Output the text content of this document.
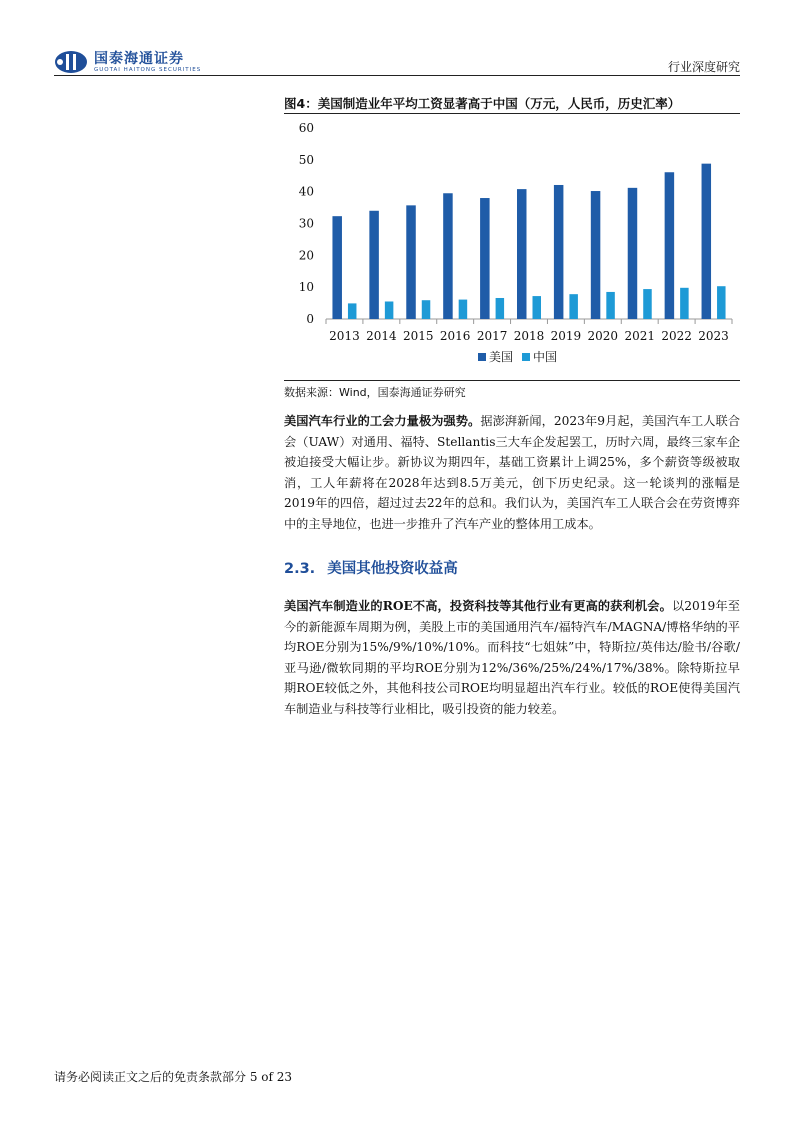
国泰海通证券
GUOTAI HAITONG SECURITIES	行业深度研究
图4：美国制造业年平均工资显著高于中国（万元，人民币，历史汇率）
0
10
20
30
40
50
60
2013 2014 2015 2016 2017 2018 2019 2020 2021 2022 2023
美国 中国
数据来源：Wind，国泰海通证券研究

美国汽车行业的工会力量极为强势。据澎湃新闻，2023年9月起，美国汽车工人联合会（UAW）对通用、福特、Stellantis三大车企发起罢工，历时六周，最终三家车企被迫接受大幅让步。新协议为期四年，基础工资累计上调25%，多个薪资等级被取消，工人年薪将在2028年达到8.5万美元，创下历史纪录。这一轮谈判的涨幅是2019年的四倍，超过过去22年的总和。我们认为，美国汽车工人联合会在劳资博弈中的主导地位，也进一步推升了汽车产业的整体用工成本。

2.3. 美国其他投资收益高

美国汽车制造业的ROE不高，投资科技等其他行业有更高的获利机会。以2019年至今的新能源车周期为例，美股上市的美国通用汽车/福特汽车/MAGNA/博格华纳的平均ROE分别为15%/9%/10%/10%。而科技“七姐妹”中，特斯拉/英伟达/脸书/谷歌/亚马逊/微软同期的平均ROE分别为12%/36%/25%/24%/17%/38%。除特斯拉早期ROE较低之外，其他科技公司ROE均明显超出汽车行业。较低的ROE使得美国汽车制造业与科技等行业相比，吸引投资的能力较差。

请务必阅读正文之后的免责条款部分 5 of 23
